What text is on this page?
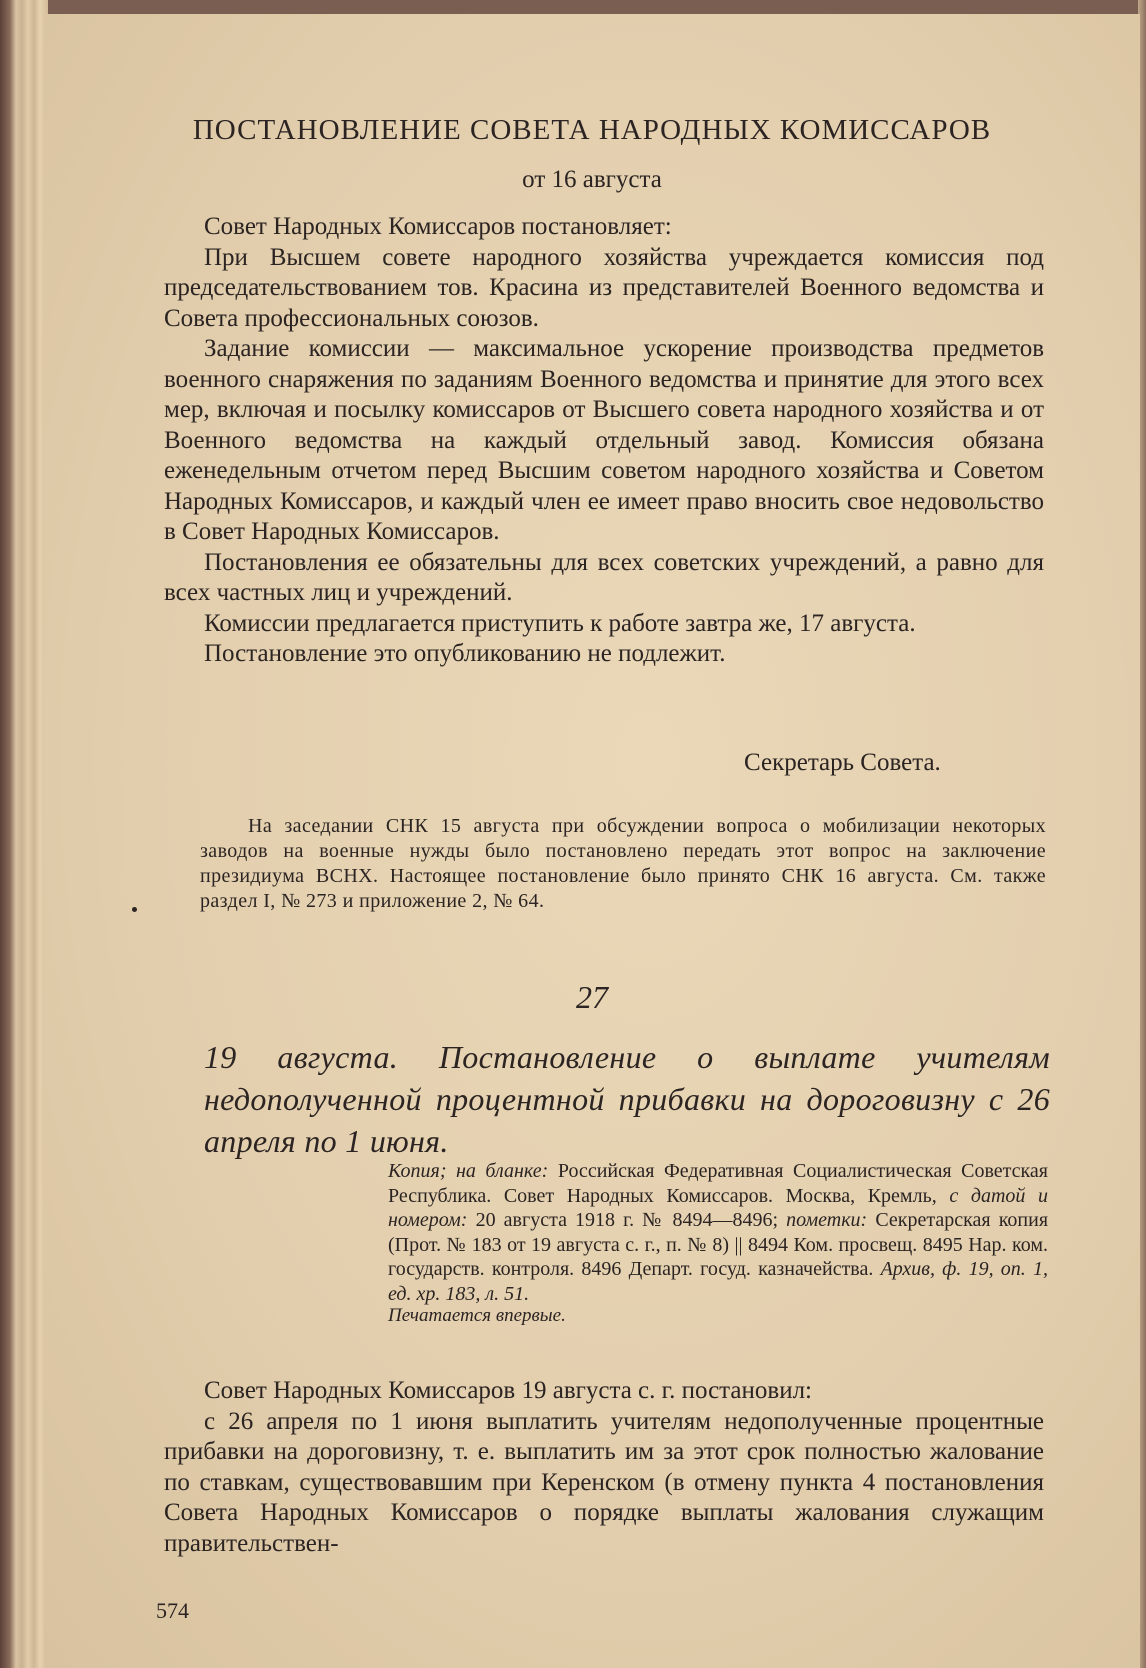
ПОСТАНОВЛЕНИЕ СОВЕТА НАРОДНЫХ КОМИССАРОВ
от 16 августа

Совет Народных Комиссаров постановляет:

При Высшем совете народного хозяйства учреждается комиссия под председательствованием тов. Красина из представителей Военного ведомства и Совета профессиональных союзов.

Задание комиссии — максимальное ускорение производства предметов военного снаряжения по заданиям Военного ведомства и принятие для этого всех мер, включая и посылку комиссаров от Высшего совета народного хозяйства и от Военного ведомства на каждый отдельный завод. Комиссия обязана еженедельным отчетом перед Высшим советом народного хозяйства и Советом Народных Комиссаров, и каждый член ее имеет право вносить свое недовольство в Совет Народных Комиссаров.

Постановления ее обязательны для всех советских учреждений, а равно для всех частных лиц и учреждений.

Комиссии предлагается приступить к работе завтра же, 17 августа.

Постановление это опубликованию не подлежит.

Секретарь Совета.

На заседании СНК 15 августа при обсуждении вопроса о мобилизации некоторых заводов на военные нужды было постановлено передать этот вопрос на заключение президиума ВСНХ. Настоящее постановление было принято СНК 16 августа. См. также раздел I, № 273 и приложение 2, № 64.

27
19 августа. Постановление о выплате учителям недополученной процентной прибавки на дороговизну с 26 апреля по 1 июня.
Копия; на бланке: Российская Федеративная Социалистическая Советская Республика. Совет Народных Комиссаров. Москва, Кремль, с датой и номером: 20 августа 1918 г. № 8494—8496; пометки: Секретарская копия (Прот. № 183 от 19 августа с. г., п. № 8) || 8494 Ком. просвещ. 8495 Нар. ком. государств. контроля. 8496 Департ. госуд. казначейства. Архив, ф. 19, оп. 1, ед. хр. 183, л. 51.
Печатается впервые.

Совет Народных Комиссаров 19 августа с. г. постановил:

с 26 апреля по 1 июня выплатить учителям недополученные процентные прибавки на дороговизну, т. е. выплатить им за этот срок полностью жалование по ставкам, существовавшим при Керенском (в отмену пункта 4 постановления Совета Народных Комиссаров о порядке выплаты жалования служащим правительствен-

574
